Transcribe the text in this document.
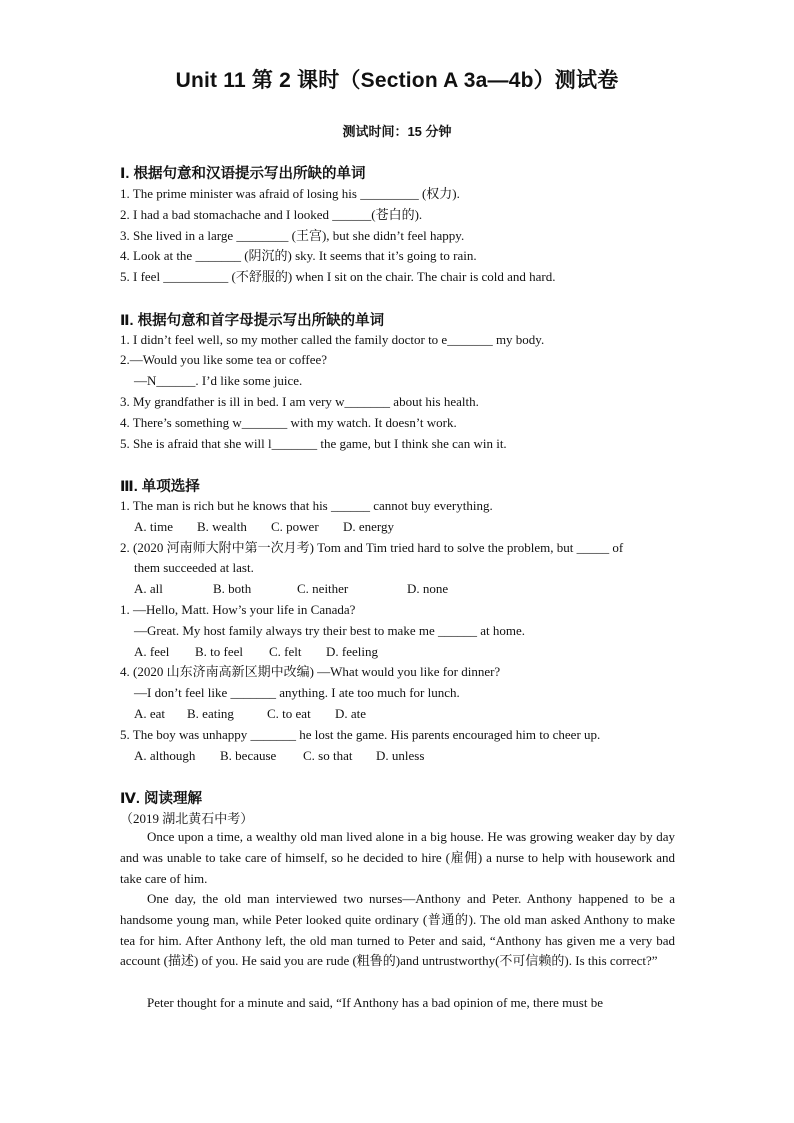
Unit 11 第 2 课时（Section A 3a—4b）测试卷
测试时间：15 分钟
Ⅰ. 根据句意和汉语提示写出所缺的单词
1. The prime minister was afraid of losing his _________ (权力).
2. I had a bad stomachache and I looked ______(苍白的).
3. She lived in a large ________ (王宫), but she didn’t feel happy.
4. Look at the _______ (阴沉的) sky. It seems that it’s going to rain.
5. I feel __________ (不舒服的) when I sit on the chair. The chair is cold and hard.
Ⅱ. 根据句意和首字母提示写出所缺的单词
1. I didn’t feel well, so my mother called the family doctor to e_______ my body.
2.—Would you like some tea or coffee?
—N______. I’d like some juice.
3. My grandfather is ill in bed. I am very w_______ about his health.
4. There’s something w_______ with my watch. It doesn’t work.
5. She is afraid that she will l_______ the game, but I think she can win it.
Ⅲ. 单项选择
1. The man is rich but he knows that his ______ cannot buy everything.
A. time B. wealth C. power D. energy
2. (2020 河南师大附中第一次月考) Tom and Tim tried hard to solve the problem, but _____ of
them succeeded at last.
A. all	B. both	C. neither	D. none
1. —Hello, Matt. How’s your life in Canada?
—Great. My host family always try their best to make me ______ at home.
A. feel B. to feel C. felt D. feeling
4. (2020 山东济南高新区期中改编) —What would you like for dinner?
—I don’t feel like _______ anything. I ate too much for lunch.
A. eat B. eating	C. to eat D. ate
5. The boy was unhappy _______ he lost the game. His parents encouraged him to cheer up.
A. although B. because C. so that D. unless
Ⅳ. 阅读理解
（2019 湖北黄石中考）
Once upon a time, a wealthy old man lived alone in a big house. He was growing weaker day by day and was unable to take care of himself, so he decided to hire (雇佣) a nurse to help with housework and take care of him.
One day, the old man interviewed two nurses—Anthony and Peter. Anthony happened to be a handsome young man, while Peter looked quite ordinary (普通的). The old man asked Anthony to make tea for him. After Anthony left, the old man turned to Peter and said, “Anthony has given me a very bad account (描述) of you. He said you are rude (粗鲁的)and untrustworthy(不可信赖的). Is this correct?”
Peter thought for a minute and said, “If Anthony has a bad opinion of me, there must be
